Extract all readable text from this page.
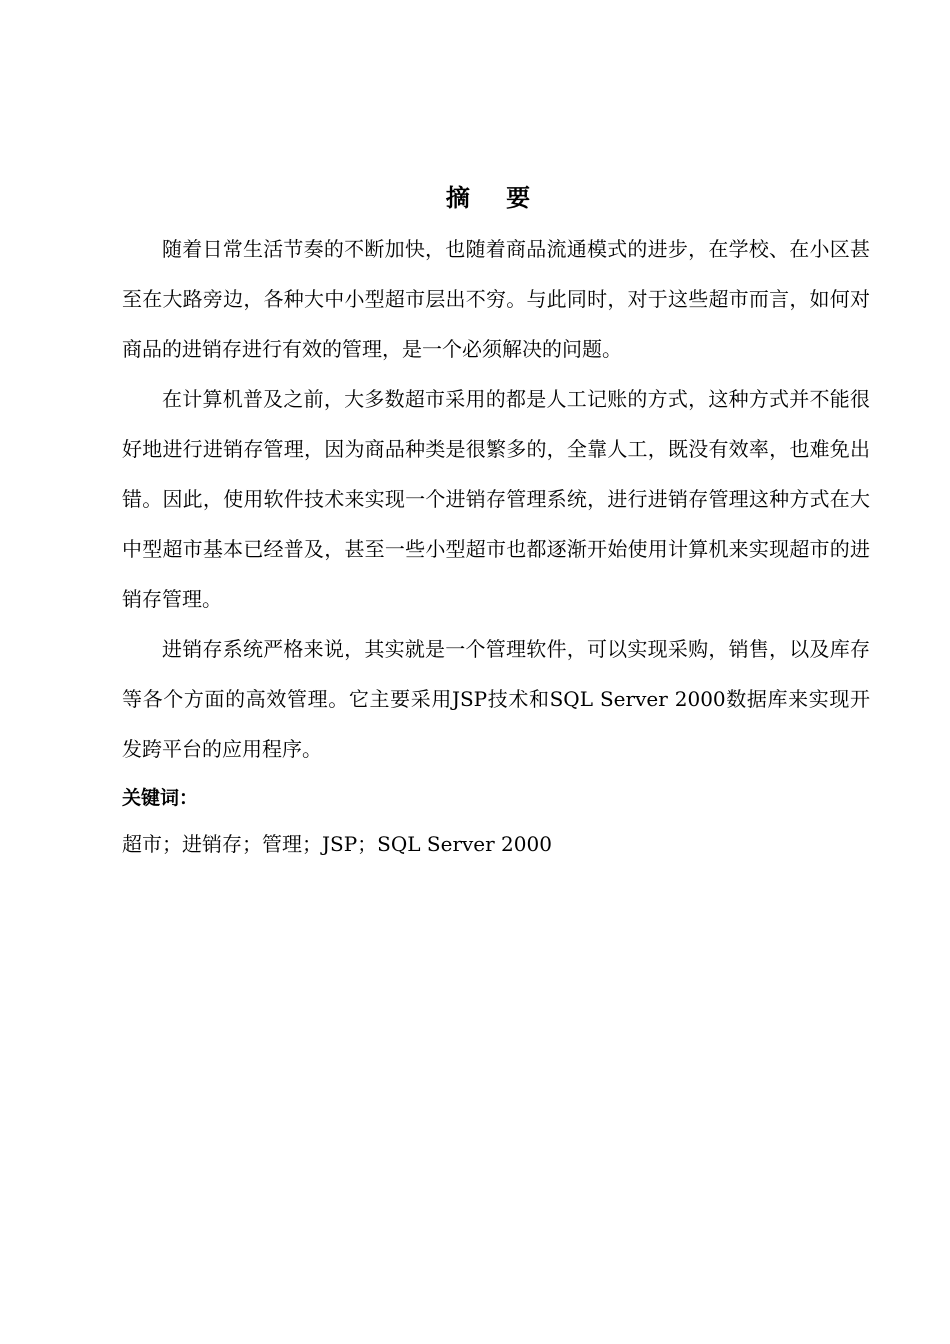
摘 要

随着日常生活节奏的不断加快，也随着商品流通模式的进步，在学校、在小区甚至在大路旁边，各种大中小型超市层出不穷。与此同时，对于这些超市而言，如何对商品的进销存进行有效的管理，是一个必须解决的问题。

在计算机普及之前，大多数超市采用的都是人工记账的方式，这种方式并不能很好地进行进销存管理，因为商品种类是很繁多的，全靠人工，既没有效率，也难免出错。因此，使用软件技术来实现一个进销存管理系统，进行进销存管理这种方式在大中型超市基本已经普及，甚至一些小型超市也都逐渐开始使用计算机来实现超市的进销存管理。

进销存系统严格来说，其实就是一个管理软件，可以实现采购，销售，以及库存等各个方面的高效管理。它主要采用JSP技术和SQL Server 2000数据库来实现开发跨平台的应用程序。

关键词：
超市；进销存；管理；JSP；SQL Server 2000
